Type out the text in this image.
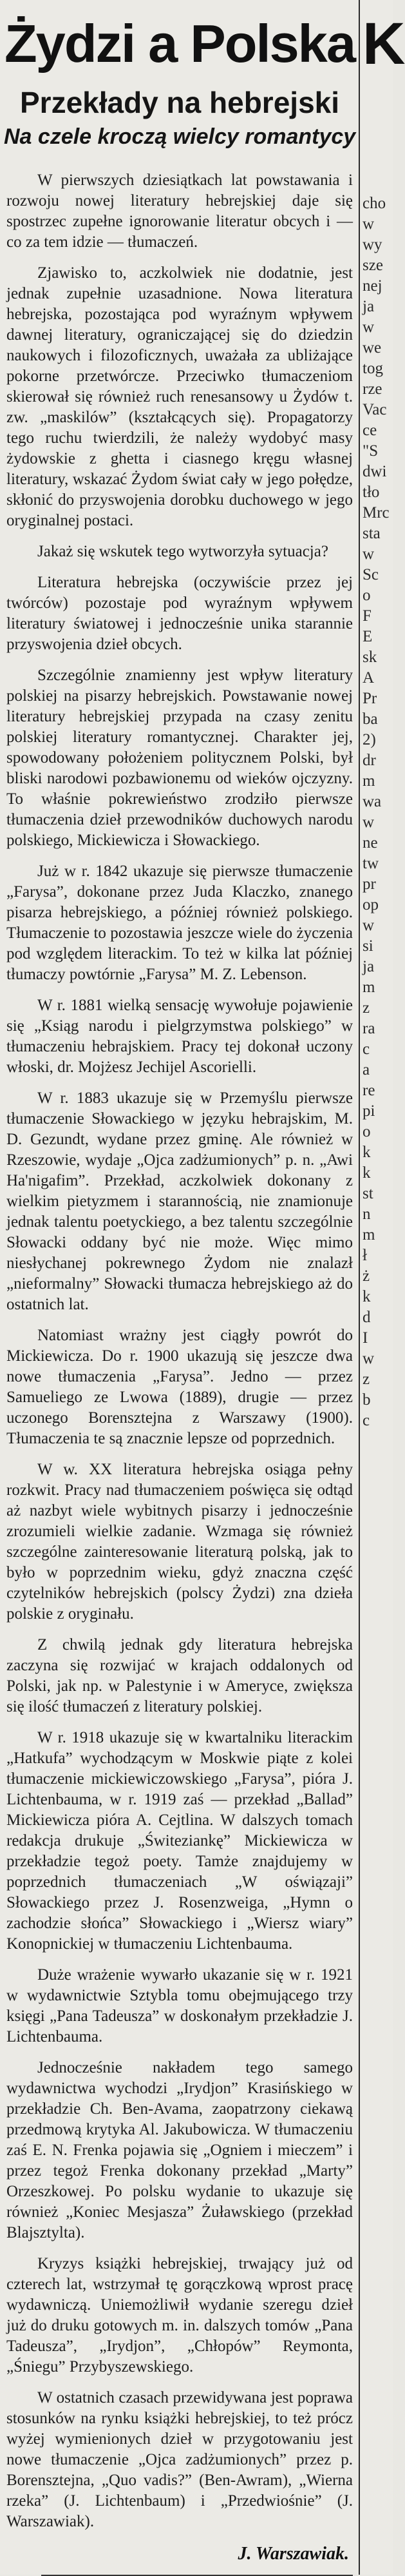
Żydzi a Polska
Przekłady na hebrejski
Na czele kroczą wielcy romantycy

W pierwszych dziesiątkach lat powstawania i rozwoju nowej literatury hebrejskiej daje się spostrzec zupełne ignorowanie literatur obcych i — co za tem idzie — tłumaczeń.

Zjawisko to, aczkolwiek nie dodatnie, jest jednak zupełnie uzasadnione. Nowa literatura hebrejska, pozostająca pod wyraźnym wpływem dawnej literatury, ograniczającej się do dziedzin naukowych i filozoficznych, uważała za ubliżające pokorne przetwórcze. Przeciwko tłumaczeniom skierował się również ruch renesansowy u Żydów t. zw. „maskilów” (kształcących się). Propagatorzy tego ruchu twierdzili, że należy wydobyć masy żydowskie z ghetta i ciasnego kręgu własnej literatury, wskazać Żydom świat cały w jego połędze, skłonić do przyswojenia dorobku duchowego w jego oryginalnej postaci.

Jakaż się wskutek tego wytworzyła sytuacja?

Literatura hebrejska (oczywiście przez jej twórców) pozostaje pod wyraźnym wpływem literatury światowej i jednocześnie unika starannie przyswojenia dzieł obcych.

Szczególnie znamienny jest wpływ literatury polskiej na pisarzy hebrejskich. Powstawanie nowej literatury hebrejskiej przypada na czasy zenitu polskiej literatury romantycznej. Charakter jej, spowodowany położeniem politycznem Polski, był bliski narodowi pozbawionemu od wieków ojczyzny. To właśnie pokrewieństwo zrodziło pierwsze tłumaczenia dzieł przewodników duchowych narodu polskiego, Mickiewicza i Słowackiego.

Już w r. 1842 ukazuje się pierwsze tłumaczenie „Farysa”, dokonane przez Juda Klaczko, znanego pisarza hebrejskiego, a później również polskiego. Tłumaczenie to pozostawia jeszcze wiele do życzenia pod względem literackim. To też w kilka lat później tłumaczy powtórnie „Farysa” M. Z. Lebenson.

W r. 1881 wielką sensację wywołuje pojawienie się „Ksiąg narodu i pielgrzymstwa polskiego” w tłumaczeniu hebrajskiem. Pracy tej dokonał uczony włoski, dr. Mojżesz Jechijel Ascorielli.

W r. 1883 ukazuje się w Przemyślu pierwsze tłumaczenie Słowackiego w języku hebrajskim, M. D. Gezundt, wydane przez gminę. Ale również w Rzeszowie, wydaje „Ojca zadżumionych” p. n. „Awi Ha'nigafim”. Przekład, aczkolwiek dokonany z wielkim pietyzmem i starannością, nie znamionuje jednak talentu poetyckiego, a bez talentu szczególnie Słowacki oddany być nie może. Więc mimo niesłychanej pokrewnego Żydom nie znalazł „nieformalny” Słowacki tłumacza hebrejskiego aż do ostatnich lat.

Natomiast wrażny jest ciągły powrót do Mickiewicza. Do r. 1900 ukazują się jeszcze dwa nowe tłumaczenia „Farysa”. Jedno — przez Samueliego ze Lwowa (1889), drugie — przez uczonego Borensztejna z Warszawy (1900). Tłumaczenia te są znacznie lepsze od poprzednich.

W w. XX literatura hebrejska osiąga pełny rozkwit. Pracy nad tłumaczeniem poświęca się odtąd aż nazbyt wiele wybitnych pisarzy i jednocześnie zrozumieli wielkie zadanie. Wzmaga się również szczególne zainteresowanie literaturą polską, jak to było w poprzednim wieku, gdyż znaczna część czytelników hebrejskich (polscy Żydzi) zna dzieła polskie z oryginału.

Z chwilą jednak gdy literatura hebrejska zaczyna się rozwijać w krajach oddalonych od Polski, jak np. w Palestynie i w Ameryce, zwiększa się ilość tłumaczeń z literatury polskiej.

W r. 1918 ukazuje się w kwartalniku literackim „Hatkufa” wychodzącym w Moskwie piąte z kolei tłumaczenie mickiewiczowskiego „Farysa”, pióra J. Lichtenbauma, w r. 1919 zaś — przekład „Ballad” Mickiewicza pióra A. Cejtlina. W dalszych tomach redakcja drukuje „Świteziankę” Mickiewicza w przekładzie tegoż poety. Tamże znajdujemy w poprzednich tłumaczeniach „W oświązaji” Słowackiego przez J. Rosenzweiga, „Hymn o zachodzie słońca” Słowackiego i „Wiersz wiary” Konopnickiej w tłumaczeniu Lichtenbauma.

Duże wrażenie wywarło ukazanie się w r. 1921 w wydawnictwie Sztybla tomu obejmującego trzy księgi „Pana Tadeusza” w doskonałym przekładzie J. Lichtenbauma.

Jednocześnie nakładem tego samego wydawnictwa wychodzi „Irydjon” Krasińskiego w przekładzie Ch. Ben-Avama, zaopatrzony ciekawą przedmową krytyka Al. Jakubowicza. W tłumaczeniu zaś E. N. Frenka pojawia się „Ogniem i mieczem” i przez tegoż Frenka dokonany przekład „Marty” Orzeszkowej. Po polsku wydanie to ukazuje się również „Koniec Mesjasza” Żuławskiego (przekład Blajsztylta).

Kryzys książki hebrejskiej, trwający już od czterech lat, wstrzymał tę gorączkową wprost pracę wydawniczą. Uniemożliwił wydanie szeregu dzieł już do druku gotowych m. in. dalszych tomów „Pana Tadeusza”, „Irydjon”, „Chłopów” Reymonta, „Śniegu” Przybyszewskiego.

W ostatnich czasach przewidywana jest poprawa stosunków na rynku książki hebrejskiej, to też prócz wyżej wymienionych dzieł w przygotowaniu jest nowe tłumaczenie „Ojca zadżumionych” przez p. Borensztejna, „Quo vadis?” (Ben-Awram), „Wierna rzeka” (J. Lichtenbaum) i „Przedwiośnie” (J. Warszawiak).

J. Warszawiak.
K
cho
w
wy
sze
nej
ja
w
we
tog
rze
Vac
ce
"S
dwi
tło
Mrc
sta
w
Sc
o
F
E
sk
A
Pr
ba
2)
dr
m
wa
w
ne
tw
pr
op
w
si
ja
m
z
ra
c
a
re
pi
o
k
k
st
n
m
ł
ż
k
d
I
w
z
b
c
